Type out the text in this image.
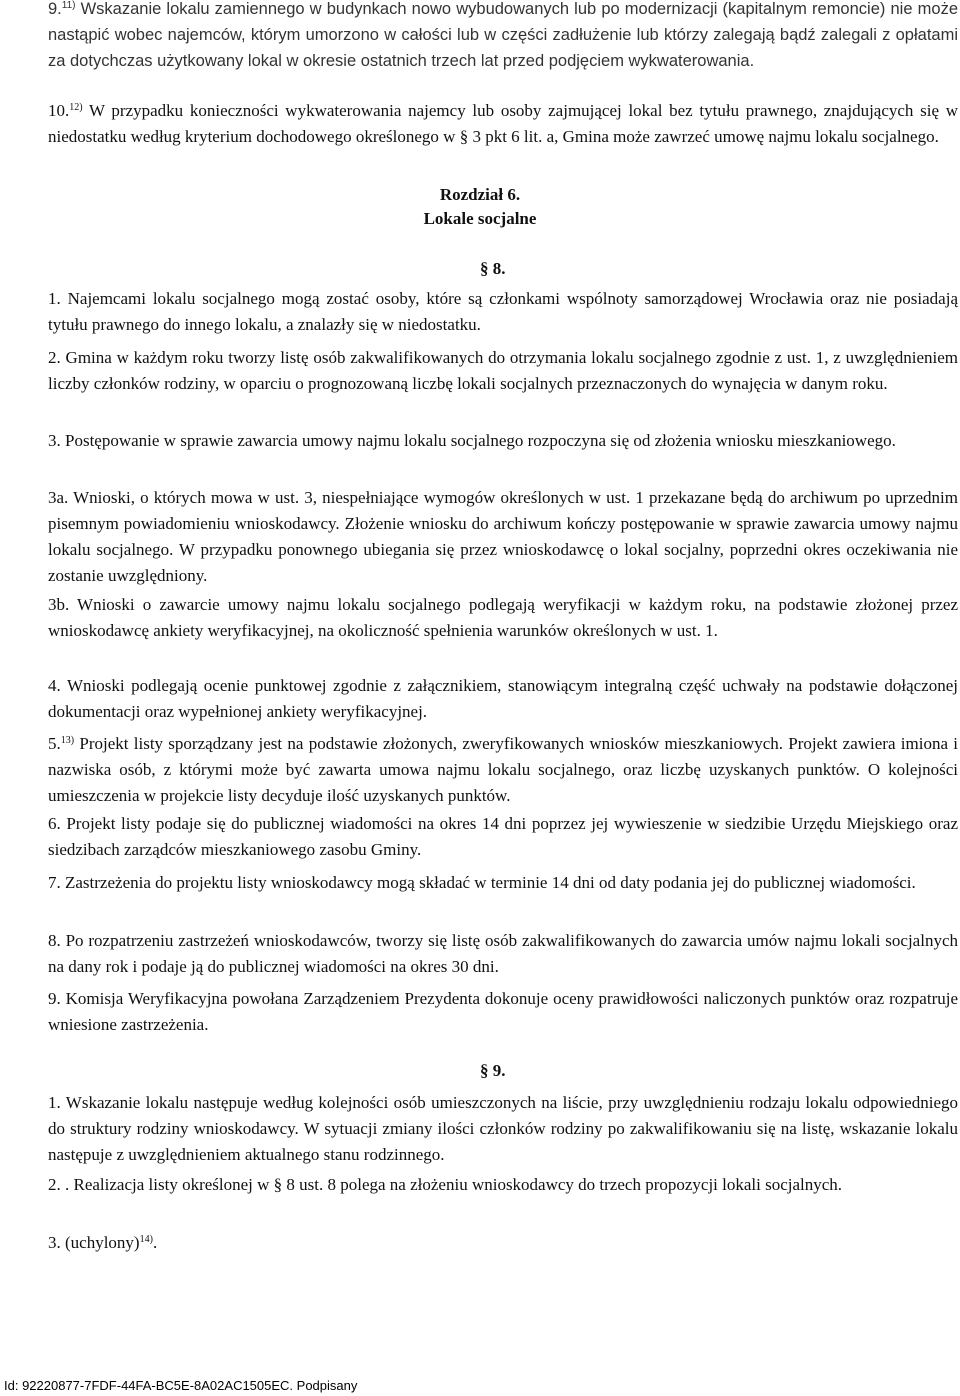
9.$^{11)}$ Wskazanie lokalu zamiennego w budynkach nowo wybudowanych lub po modernizacji (kapitalnym remoncie) nie może nastąpić wobec najemców, którym umorzono w całości lub w części zadłużenie lub którzy zalegają bądź zalegali z opłatami za dotychczas użytkowany lokal w okresie ostatnich trzech lat przed podjęciem wykwaterowania.

10.$^{12)}$ W przypadku konieczności wykwaterowania najemcy lub osoby zajmującej lokal bez tytułu prawnego, znajdujących się w niedostatku według kryterium dochodowego określonego w § 3 pkt 6 lit. a, Gmina może zawrzeć umowę najmu lokalu socjalnego.

Rozdział 6.

Lokale socjalne

§ 8.

1. Najemcami lokalu socjalnego mogą zostać osoby, które są członkami wspólnoty samorządowej Wrocławia oraz nie posiadają tytułu prawnego do innego lokalu, a znalazły się w niedostatku.

2. Gmina w każdym roku tworzy listę osób zakwalifikowanych do otrzymania lokalu socjalnego zgodnie z ust. 1, z uwzględnieniem liczby członków rodziny, w oparciu o prognozowaną liczbę lokali socjalnych przeznaczonych do wynajęcia w danym roku.

3. Postępowanie w sprawie zawarcia umowy najmu lokalu socjalnego rozpoczyna się od złożenia wniosku mieszkaniowego.

3a. Wnioski, o których mowa w ust. 3, niespełniające wymogów określonych w ust. 1 przekazane będą do archiwum po uprzednim pisemnym powiadomieniu wnioskodawcy. Złożenie wniosku do archiwum kończy postępowanie w sprawie zawarcia umowy najmu lokalu socjalnego. W przypadku ponownego ubiegania się przez wnioskodawcę o lokal socjalny, poprzedni okres oczekiwania nie zostanie uwzględniony.

3b. Wnioski o zawarcie umowy najmu lokalu socjalnego podlegają weryfikacji w każdym roku, na podstawie złożonej przez wnioskodawcę ankiety weryfikacyjnej, na okoliczność spełnienia warunków określonych w ust. 1.

4. Wnioski podlegają ocenie punktowej zgodnie z załącznikiem, stanowiącym integralną część uchwały na podstawie dołączonej dokumentacji oraz wypełnionej ankiety weryfikacyjnej.

5.$^{13)}$ Projekt listy sporządzany jest na podstawie złożonych, zweryfikowanych wniosków mieszkaniowych. Projekt zawiera imiona i nazwiska osób, z którymi może być zawarta umowa najmu lokalu socjalnego, oraz liczbę uzyskanych punktów. O kolejności umieszczenia w projekcie listy decyduje ilość uzyskanych punktów.

6. Projekt listy podaje się do publicznej wiadomości na okres 14 dni poprzez jej wywieszenie w siedzibie Urzędu Miejskiego oraz siedzibach zarządców mieszkaniowego zasobu Gminy.

7. Zastrzeżenia do projektu listy wnioskodawcy mogą składać w terminie 14 dni od daty podania jej do publicznej wiadomości.

8. Po rozpatrzeniu zastrzeżeń wnioskodawców, tworzy się listę osób zakwalifikowanych do zawarcia umów najmu lokali socjalnych na dany rok i podaje ją do publicznej wiadomości na okres 30 dni.

9. Komisja Weryfikacyjna powołana Zarządzeniem Prezydenta dokonuje oceny prawidłowości naliczonych punktów oraz rozpatruje wniesione zastrzeżenia.

§ 9.

1. Wskazanie lokalu następuje według kolejności osób umieszczonych na liście, przy uwzględnieniu rodzaju lokalu odpowiedniego do struktury rodziny wnioskodawcy. W sytuacji zmiany ilości członków rodziny po zakwalifikowaniu się na listę, wskazanie lokalu następuje z uwzględnieniem aktualnego stanu rodzinnego.

2. . Realizacja listy określonej w § 8 ust. 8 polega na złożeniu wnioskodawcy do trzech propozycji lokali socjalnych.

3. (uchylony)$^{14)}$.

Id: 92220877-7FDF-44FA-BC5E-8A02AC1505EC. Podpisany
